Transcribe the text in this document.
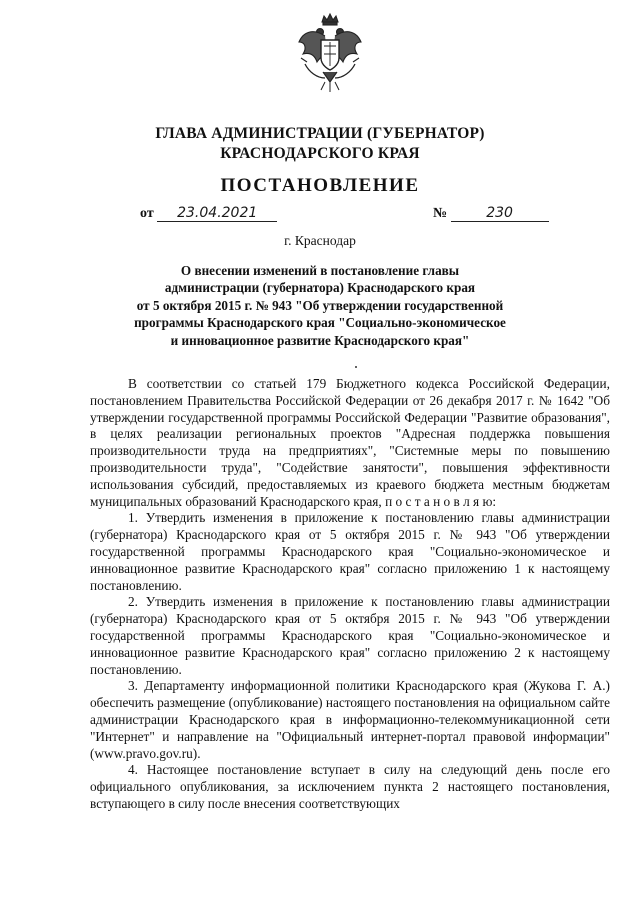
ГЛАВА АДМИНИСТРАЦИИ (ГУБЕРНАТОР)
КРАСНОДАРСКОГО КРАЯ
ПОСТАНОВЛЕНИЕ
от 23.04.2021	№	230
г. Краснодар
О внесении изменений в постановление главы
администрации (губернатора) Краснодарского края
от 5 октября 2015 г. № 943 "Об утверждении государственной
программы Краснодарского края "Социально-экономическое
и инновационное развитие Краснодарского края"

В соответствии со статьей 179 Бюджетного кодекса Российской Федерации, постановлением Правительства Российской Федерации от 26 декабря 2017 г. № 1642 "Об утверждении государственной программы Российской Федерации "Развитие образования", в целях реализации региональных проектов "Адресная поддержка повышения производительности труда на предприятиях", "Системные меры по повышению производительности труда", "Содействие занятости", повышения эффективности использования субсидий, предоставляемых из краевого бюджета местным бюджетам муниципальных образований Краснодарского края, п о с т а н о в л я ю:

1. Утвердить изменения в приложение к постановлению главы администрации (губернатора) Краснодарского края от 5 октября 2015 г. № 943 "Об утверждении государственной программы Краснодарского края "Социально-экономическое и инновационное развитие Краснодарского края" согласно приложению 1 к настоящему постановлению.

2. Утвердить изменения в приложение к постановлению главы администрации (губернатора) Краснодарского края от 5 октября 2015 г. № 943 "Об утверждении государственной программы Краснодарского края "Социально-экономическое и инновационное развитие Краснодарского края" согласно приложению 2 к настоящему постановлению.

3. Департаменту информационной политики Краснодарского края (Жукова Г. А.) обеспечить размещение (опубликование) настоящего постановления на официальном сайте администрации Краснодарского края в информационно-телекоммуникационной сети "Интернет" и направление на "Официальный интернет-портал правовой информации" (www.pravo.gov.ru).

4. Настоящее постановление вступает в силу на следующий день после его официального опубликования, за исключением пункта 2 настоящего постановления, вступающего в силу после внесения соответствующих
